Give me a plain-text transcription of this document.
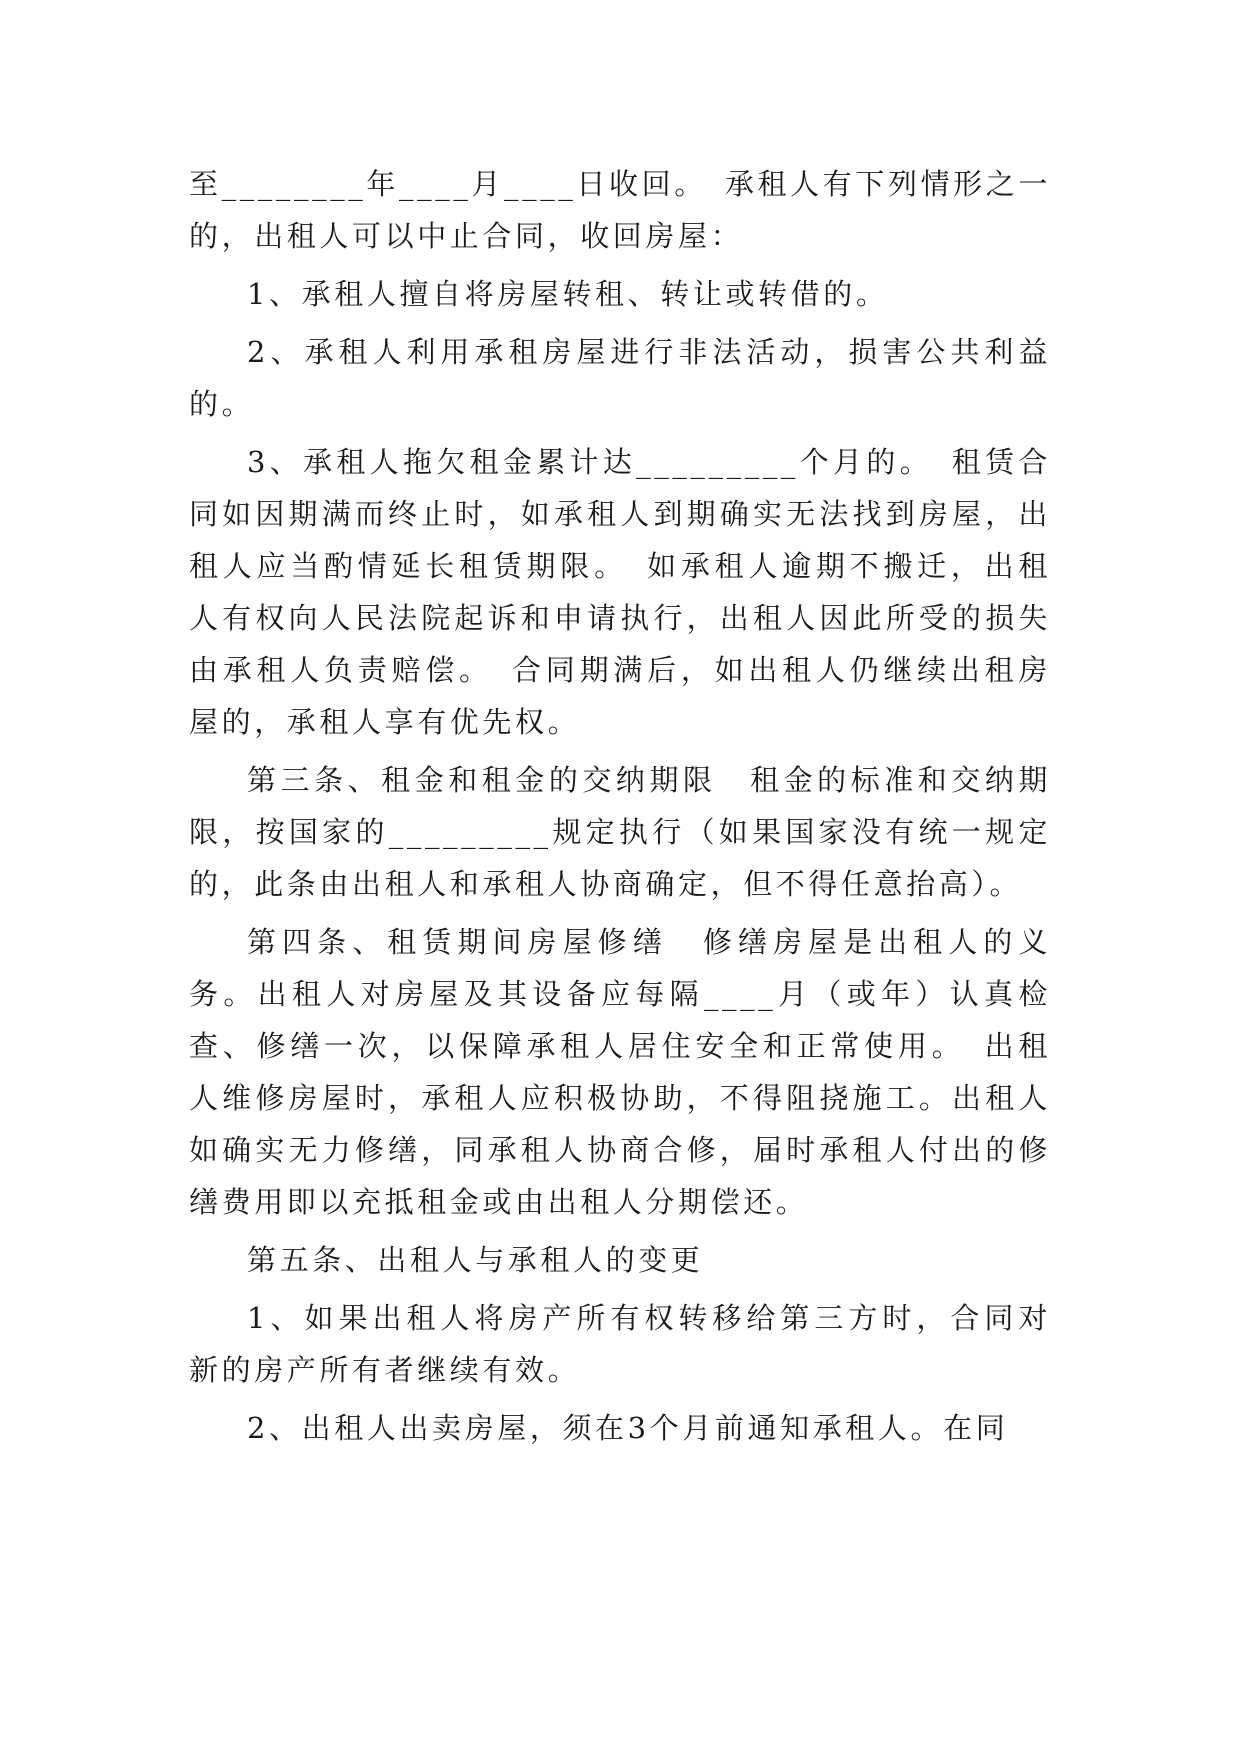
至________年____月____日收回。　承租人有下列情形之一的，出租人可以中止合同，收回房屋：

1、承租人擅自将房屋转租、转让或转借的。

2、承租人利用承租房屋进行非法活动，损害公共利益的。

3、承租人拖欠租金累计达_________个月的。　租赁合同如因期满而终止时，如承租人到期确实无法找到房屋，出租人应当酌情延长租赁期限。　如承租人逾期不搬迁，出租人有权向人民法院起诉和申请执行，出租人因此所受的损失由承租人负责赔偿。　合同期满后，如出租人仍继续出租房屋的，承租人享有优先权。

第三条、租金和租金的交纳期限　租金的标准和交纳期限，按国家的_________规定执行（如果国家没有统一规定的，此条由出租人和承租人协商确定，但不得任意抬高）。

第四条、租赁期间房屋修缮　修缮房屋是出租人的义务。出租人对房屋及其设备应每隔____月（或年）认真检查、修缮一次，以保障承租人居住安全和正常使用。　出租人维修房屋时，承租人应积极协助，不得阻挠施工。出租人如确实无力修缮，同承租人协商合修，届时承租人付出的修缮费用即以充抵租金或由出租人分期偿还。

第五条、出租人与承租人的变更

1、如果出租人将房产所有权转移给第三方时，合同对新的房产所有者继续有效。

2、出租人出卖房屋，须在3个月前通知承租人。在同
